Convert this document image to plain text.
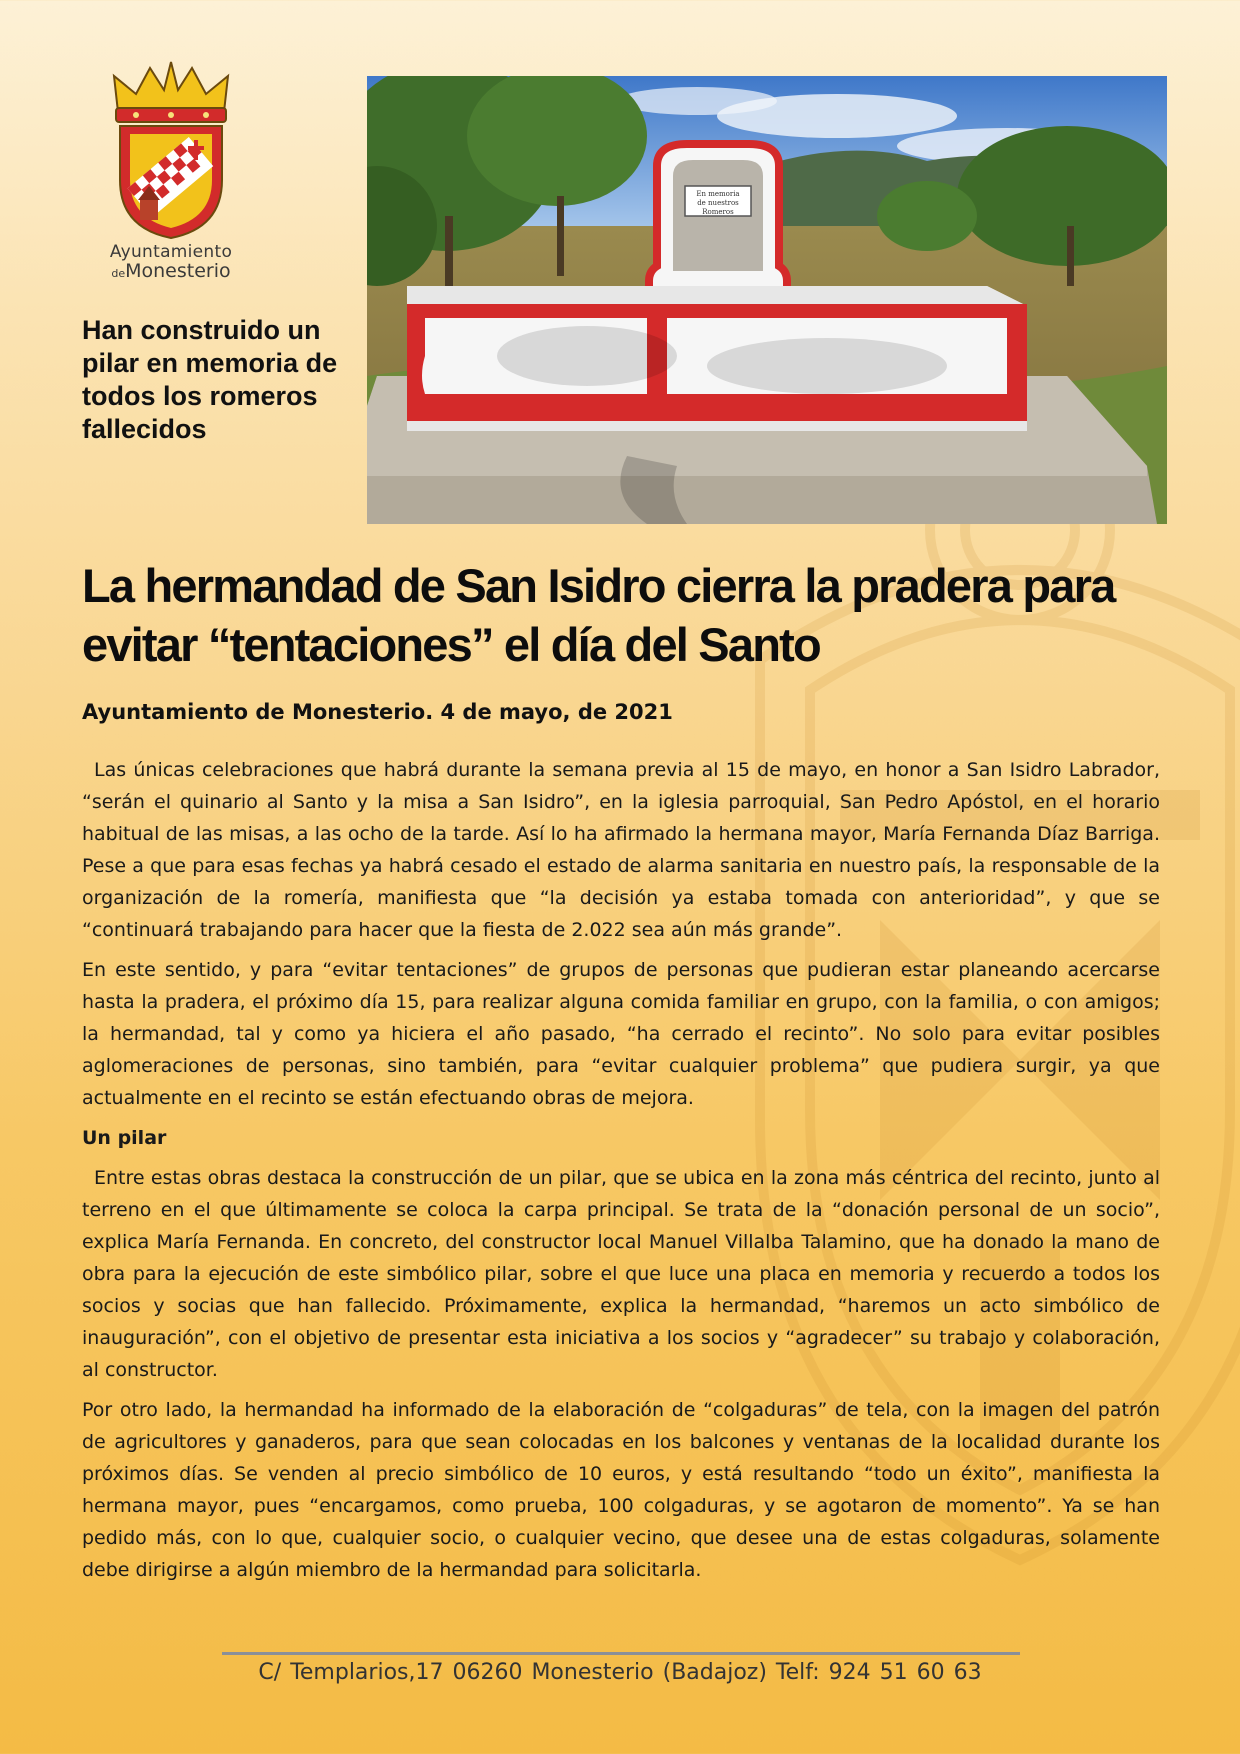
Ayuntamiento
deMonesterio
Han construido un pilar en memoria de todos los romeros fallecidos
En memoria
de nuestros
Romeros
La hermandad de San Isidro cierra la pradera para evitar “tentaciones” el día del Santo

Ayuntamiento de Monesterio. 4 de mayo, de 2021

Las únicas celebraciones que habrá durante la semana previa al 15 de mayo, en honor a San Isidro Labrador, “serán el quinario al Santo y la misa a San Isidro”, en la iglesia parroquial, San Pedro Apóstol, en el horario habitual de las misas, a las ocho de la tarde. Así lo ha afirmado la hermana mayor, María Fernanda Díaz Barriga. Pese a que para esas fechas ya habrá cesado el estado de alarma sanitaria en nuestro país, la responsable de la organización de la romería, manifiesta que “la decisión ya estaba tomada con anterioridad”, y que se “continuará trabajando para hacer que la fiesta de 2.022 sea aún más grande”.

En este sentido, y para “evitar tentaciones” de grupos de personas que pudieran estar planeando acercarse hasta la pradera, el próximo día 15, para realizar alguna comida familiar en grupo, con la familia, o con amigos; la hermandad, tal y como ya hiciera el año pasado, “ha cerrado el recinto”. No solo para evitar posibles aglomeraciones de personas, sino también, para “evitar cualquier problema” que pudiera surgir, ya que actualmente en el recinto se están efectuando obras de mejora.

Un pilar

Entre estas obras destaca la construcción de un pilar, que se ubica en la zona más céntrica del recinto, junto al terreno en el que últimamente se coloca la carpa principal. Se trata de la “donación personal de un socio”, explica María Fernanda. En concreto, del constructor local Manuel Villalba Talamino, que ha donado la mano de obra para la ejecución de este simbólico pilar, sobre el que luce una placa en memoria y recuerdo a todos los socios y socias que han fallecido. Próximamente, explica la hermandad, “haremos un acto simbólico de inauguración”, con el objetivo de presentar esta iniciativa a los socios y “agradecer” su trabajo y colaboración, al constructor.

Por otro lado, la hermandad ha informado de la elaboración de “colgaduras” de tela, con la imagen del patrón de agricultores y ganaderos, para que sean colocadas en los balcones y ventanas de la localidad durante los próximos días. Se venden al precio simbólico de 10 euros, y está resultando “todo un éxito”, manifiesta la hermana mayor, pues “encargamos, como prueba, 100 colgaduras, y se agotaron de momento”. Ya se han pedido más, con lo que, cualquier socio, o cualquier vecino, que desee una de estas colgaduras, solamente debe dirigirse a algún miembro de la hermandad para solicitarla.

C/ Templarios,17 06260 Monesterio (Badajoz) Telf: 924 51 60 63
